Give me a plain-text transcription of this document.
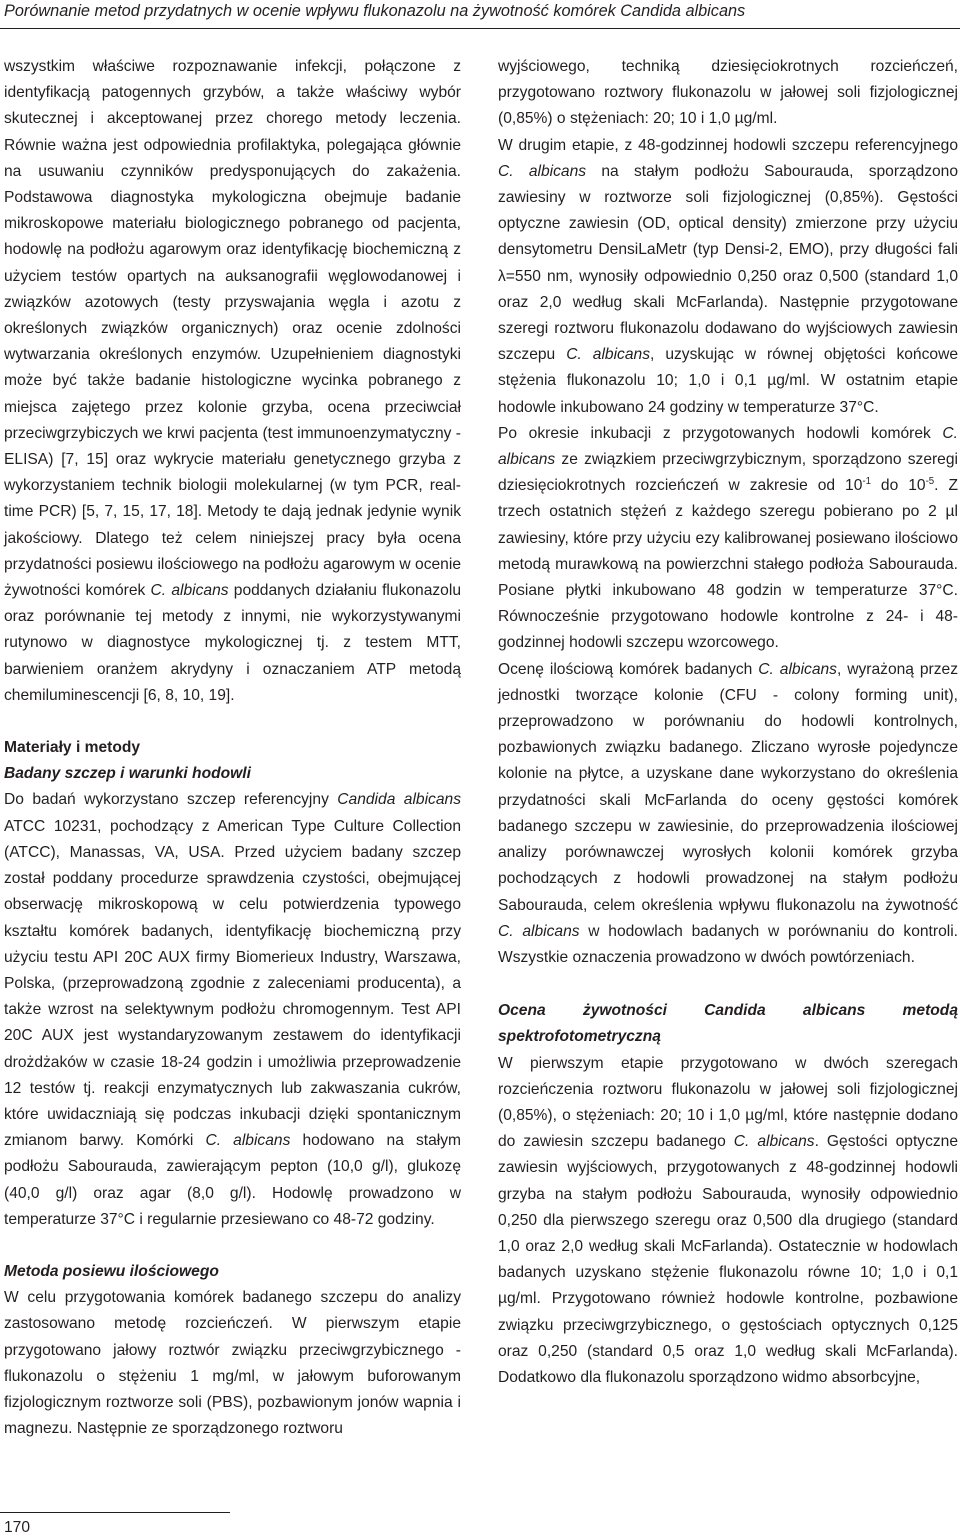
Porównanie metod przydatnych w ocenie wpływu flukonazolu na żywotność komórek Candida albicans

wszystkim właściwe rozpoznawanie infekcji, połączone z identyfikacją patogennych grzybów, a także właściwy wybór skutecznej i akceptowanej przez chorego metody leczenia. Równie ważna jest odpowiednia profilaktyka, polegająca głównie na usuwaniu czynników predysponujących do zakażenia. Podstawowa diagnostyka mykologiczna obejmuje badanie mikroskopowe materiału biologicznego pobranego od pacjenta, hodowlę na podłożu agarowym oraz identyfikację biochemiczną z użyciem testów opartych na auksanografii węglowodanowej i związków azotowych (testy przyswajania węgla i azotu z określonych związków organicznych) oraz ocenie zdolności wytwarzania określonych enzymów. Uzupełnieniem diagnostyki może być także badanie histologiczne wycinka pobranego z miejsca zajętego przez kolonie grzyba, ocena przeciwciał przeciwgrzybiczych we krwi pacjenta (test immunoenzymatyczny - ELISA) [7, 15] oraz wykrycie materiału genetycznego grzyba z wykorzystaniem technik biologii molekularnej (w tym PCR, real-time PCR) [5, 7, 15, 17, 18]. Metody te dają jednak jedynie wynik jakościowy. Dlatego też celem niniejszej pracy była ocena przydatności posiewu ilościowego na podłożu agarowym w ocenie żywotności komórek C. albicans poddanych działaniu flukonazolu oraz porównanie tej metody z innymi, nie wykorzystywanymi rutynowo w diagnostyce mykologicznej tj. z testem MTT, barwieniem oranżem akrydyny i oznaczaniem ATP metodą chemiluminescencji [6, 8, 10, 19].

Materiały i metody

Badany szczep i warunki hodowli

Do badań wykorzystano szczep referencyjny Candida albicans ATCC 10231, pochodzący z American Type Culture Collection (ATCC), Manassas, VA, USA. Przed użyciem badany szczep został poddany procedurze sprawdzenia czystości, obejmującej obserwację mikroskopową w celu potwierdzenia typowego kształtu komórek badanych, identyfikację biochemiczną przy użyciu testu API 20C AUX firmy Biomerieux Industry, Warszawa, Polska, (przeprowadzoną zgodnie z zaleceniami producenta), a także wzrost na selektywnym podłożu chromogennym. Test API 20C AUX jest wystandaryzowanym zestawem do identyfikacji drożdżaków w czasie 18-24 godzin i umożliwia przeprowadzenie 12 testów tj. reakcji enzymatycznych lub zakwaszania cukrów, które uwidaczniają się podczas inkubacji dzięki spontanicznym zmianom barwy. Komórki C. albicans hodowano na stałym podłożu Sabourauda, zawierającym pepton (10,0 g/l), glukozę (40,0 g/l) oraz agar (8,0 g/l). Hodowlę prowadzono w temperaturze 37°C i regularnie przesiewano co 48-72 godziny.

Metoda posiewu ilościowego

W celu przygotowania komórek badanego szczepu do analizy zastosowano metodę rozcieńczeń. W pierwszym etapie przygotowano jałowy roztwór związku przeciwgrzybicznego - flukonazolu o stężeniu 1 mg/ml, w jałowym buforowanym fizjologicznym roztworze soli (PBS), pozbawionym jonów wapnia i magnezu. Następnie ze sporządzonego roztworu

wyjściowego, techniką dziesięciokrotnych rozcieńczeń, przygotowano roztwory flukonazolu w jałowej soli fizjologicznej (0,85%) o stężeniach: 20; 10 i 1,0 µg/ml.

W drugim etapie, z 48-godzinnej hodowli szczepu referencyjnego C. albicans na stałym podłożu Sabourauda, sporządzono zawiesiny w roztworze soli fizjologicznej (0,85%). Gęstości optyczne zawiesin (OD, optical density) zmierzone przy użyciu densytometru DensiLaMetr (typ Densi-2, EMO), przy długości fali λ=550 nm, wynosiły odpowiednio 0,250 oraz 0,500 (standard 1,0 oraz 2,0 według skali McFarlanda). Następnie przygotowane szeregi roztworu flukonazolu dodawano do wyjściowych zawiesin szczepu C. albicans, uzyskując w równej objętości końcowe stężenia flukonazolu 10; 1,0 i 0,1 µg/ml. W ostatnim etapie hodowle inkubowano 24 godziny w temperaturze 37°C.

Po okresie inkubacji z przygotowanych hodowli komórek C. albicans ze związkiem przeciwgrzybicznym, sporządzono szeregi dziesięciokrotnych rozcieńczeń w zakresie od $10^{-1}$ do $10^{-5}$. Z trzech ostatnich stężeń z każdego szeregu pobierano po 2 µl zawiesiny, które przy użyciu ezy kalibrowanej posiewano ilościowo metodą murawkową na powierzchni stałego podłoża Sabourauda. Posiane płytki inkubowano 48 godzin w temperaturze 37°C. Równocześnie przygotowano hodowle kontrolne z 24- i 48-godzinnej hodowli szczepu wzorcowego.

Ocenę ilościową komórek badanych C. albicans, wyrażoną przez jednostki tworzące kolonie (CFU - colony forming unit), przeprowadzono w porównaniu do hodowli kontrolnych, pozbawionych związku badanego. Zliczano wyrosłe pojedyncze kolonie na płytce, a uzyskane dane wykorzystano do określenia przydatności skali McFarlanda do oceny gęstości komórek badanego szczepu w zawiesinie, do przeprowadzenia ilościowej analizy porównawczej wyrosłych kolonii komórek grzyba pochodzących z hodowli prowadzonej na stałym podłożu Sabourauda, celem określenia wpływu flukonazolu na żywotność C. albicans w hodowlach badanych w porównaniu do kontroli. Wszystkie oznaczenia prowadzono w dwóch powtórzeniach.

Ocena żywotności Candida albicans metodą spektrofotometryczną

W pierwszym etapie przygotowano w dwóch szeregach rozcieńczenia roztworu flukonazolu w jałowej soli fizjologicznej (0,85%), o stężeniach: 20; 10 i 1,0 µg/ml, które następnie dodano do zawiesin szczepu badanego C. albicans. Gęstości optyczne zawiesin wyjściowych, przygotowanych z 48-godzinnej hodowli grzyba na stałym podłożu Sabourauda, wynosiły odpowiednio 0,250 dla pierwszego szeregu oraz 0,500 dla drugiego (standard 1,0 oraz 2,0 według skali McFarlanda). Ostatecznie w hodowlach badanych uzyskano stężenie flukonazolu równe 10; 1,0 i 0,1 µg/ml. Przygotowano również hodowle kontrolne, pozbawione związku przeciwgrzybicznego, o gęstościach optycznych 0,125 oraz 0,250 (standard 0,5 oraz 1,0 według skali McFarlanda). Dodatkowo dla flukonazolu sporządzono widmo absorbcyjne,

170
